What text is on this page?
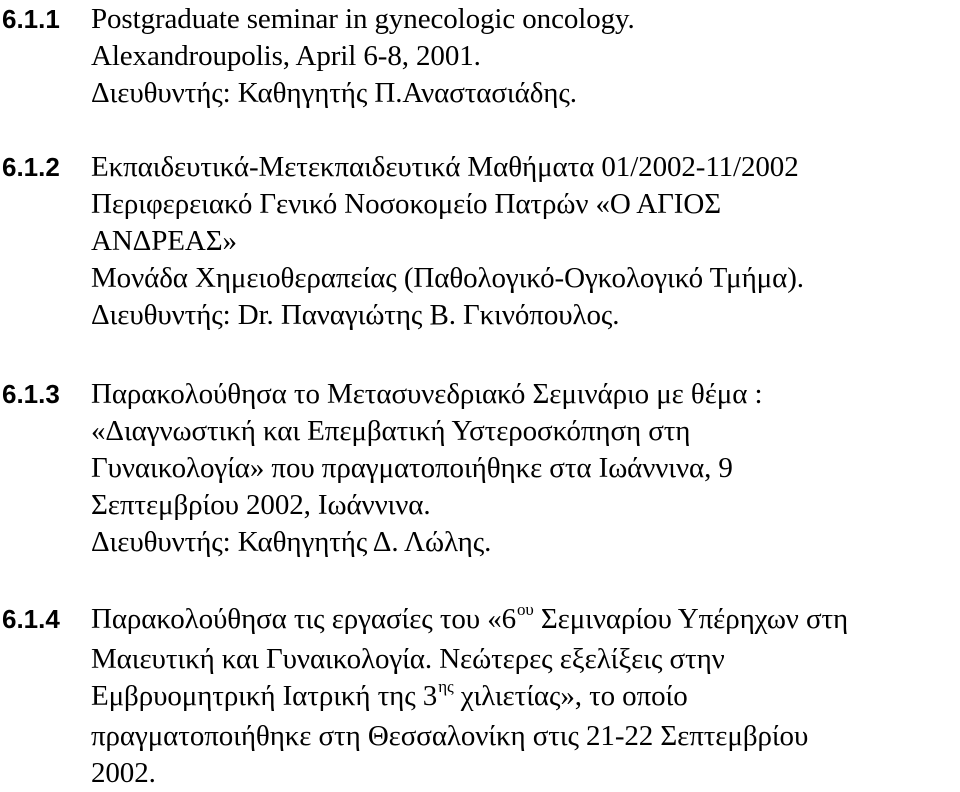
6.1.1 Postgraduate seminar in gynecologic oncology.
Alexandroupolis, April 6-8, 2001.
Διευθυντής: Καθηγητής Π.Αναστασιάδης.
6.1.2 Εκπαιδευτικά-Μετεκπαιδευτικά Μαθήματα 01/2002-11/2002
Περιφερειακό Γενικό Νοσοκομείο Πατρών «Ο ΑΓΙΟΣ
ΑΝΔΡΕΑΣ»
Μονάδα Χημειοθεραπείας (Παθολογικό-Ογκολογικό Τμήμα).
Διευθυντής: Dr. Παναγιώτης Β. Γκινόπουλος.
6.1.3 Παρακολούθησα το Μετασυνεδριακό Σεμινάριο με θέμα :
«Διαγνωστική και Επεμβατική Υστεροσκόπηση στη
Γυναικολογία» που πραγματοποιήθηκε στα Ιωάννινα, 9
Σεπτεμβρίου 2002, Ιωάννινα.
Διευθυντής: Καθηγητής Δ. Λώλης.
6.1.4 Παρακολούθησα τις εργασίες του «$6^{o\upsilon}$ Σεμιναρίου Υπέρηχων στη
Μαιευτική και Γυναικολογία. Νεώτερες εξελίξεις στην
Εμβρυομητρική Ιατρική της $3^{\eta\varsigma}$ χιλιετίας», το οποίο
πραγματοποιήθηκε στη Θεσσαλονίκη στις 21-22 Σεπτεμβρίου
2002.
